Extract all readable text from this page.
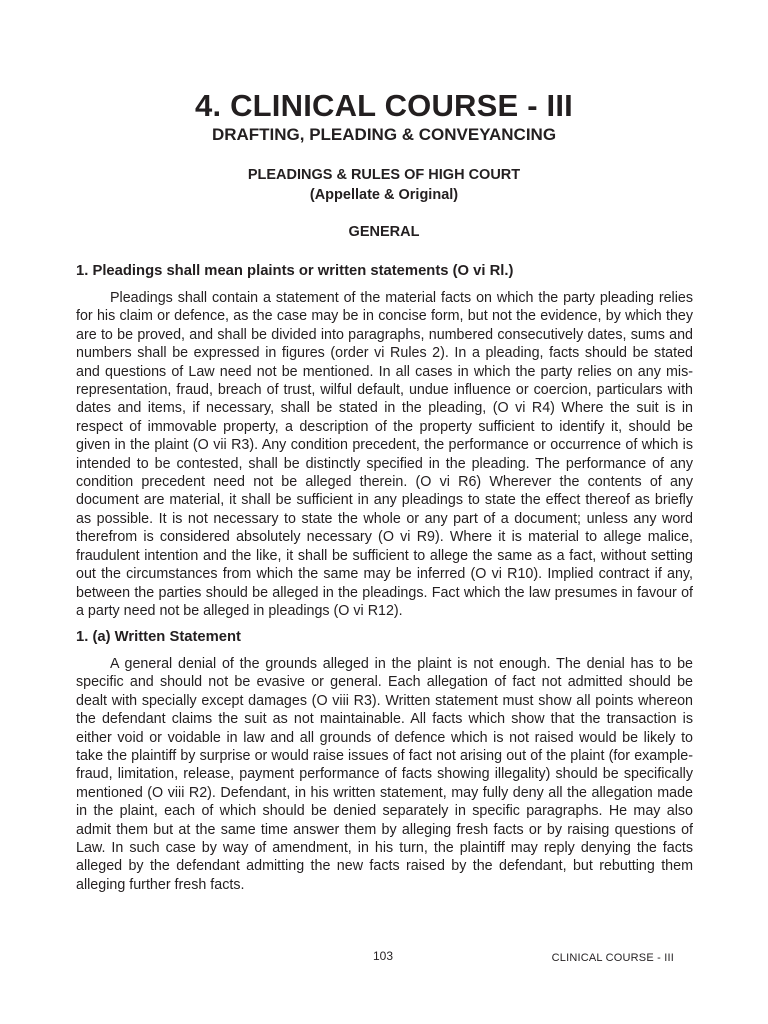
4. CLINICAL COURSE - III
DRAFTING, PLEADING & CONVEYANCING
PLEADINGS & RULES OF HIGH COURT
(Appellate & Original)
GENERAL
1. Pleadings shall mean plaints or written statements (O vi Rl.)

Pleadings shall contain a statement of the material facts on which the party pleading relies for his claim or defence, as the case may be in concise form, but not the evidence, by which they are to be proved, and shall be divided into paragraphs, numbered consecutively dates, sums and numbers shall be expressed in figures (order vi Rules 2). In a pleading, facts should be stated and questions of Law need not be mentioned. In all cases in which the party relies on any mis-representation, fraud, breach of trust, wilful default, undue influence or coercion, particulars with dates and items, if necessary, shall be stated in the pleading, (O vi R4) Where the suit is in respect of immovable property, a description of the property sufficient to identify it, should be given in the plaint (O vii R3). Any condition precedent, the performance or occurrence of which is intended to be contested, shall be distinctly specified in the pleading. The performance of any condition precedent need not be alleged therein. (O vi R6) Wherever the contents of any document are material, it shall be sufficient in any pleadings to state the effect thereof as briefly as possible. It is not necessary to state the whole or any part of a document; unless any word therefrom is considered absolutely necessary (O vi R9). Where it is material to allege malice, fraudulent intention and the like, it shall be sufficient to allege the same as a fact, without setting out the circumstances from which the same may be inferred (O vi R10). Implied contract if any, between the parties should be alleged in the pleadings. Fact which the law presumes in favour of a party need not be alleged in pleadings (O vi R12).

1. (a) Written Statement

A general denial of the grounds alleged in the plaint is not enough. The denial has to be specific and should not be evasive or general. Each allegation of fact not admitted should be dealt with specially except damages (O viii R3). Written statement must show all points whereon the defendant claims the suit as not maintainable. All facts which show that the transaction is either void or voidable in law and all grounds of defence which is not raised would be likely to take the plaintiff by surprise or would raise issues of fact not arising out of the plaint (for example-fraud, limitation, release, payment performance of facts showing illegality) should be specifically mentioned (O viii R2). Defendant, in his written statement, may fully deny all the allegation made in the plaint, each of which should be denied separately in specific paragraphs. He may also admit them but at the same time answer them by alleging fresh facts or by raising questions of Law. In such case by way of amendment, in his turn, the plaintiff may reply denying the facts alleged by the defendant admitting the new facts raised by the defendant, but rebutting them alleging further fresh facts.

103	CLINICAL COURSE - III
